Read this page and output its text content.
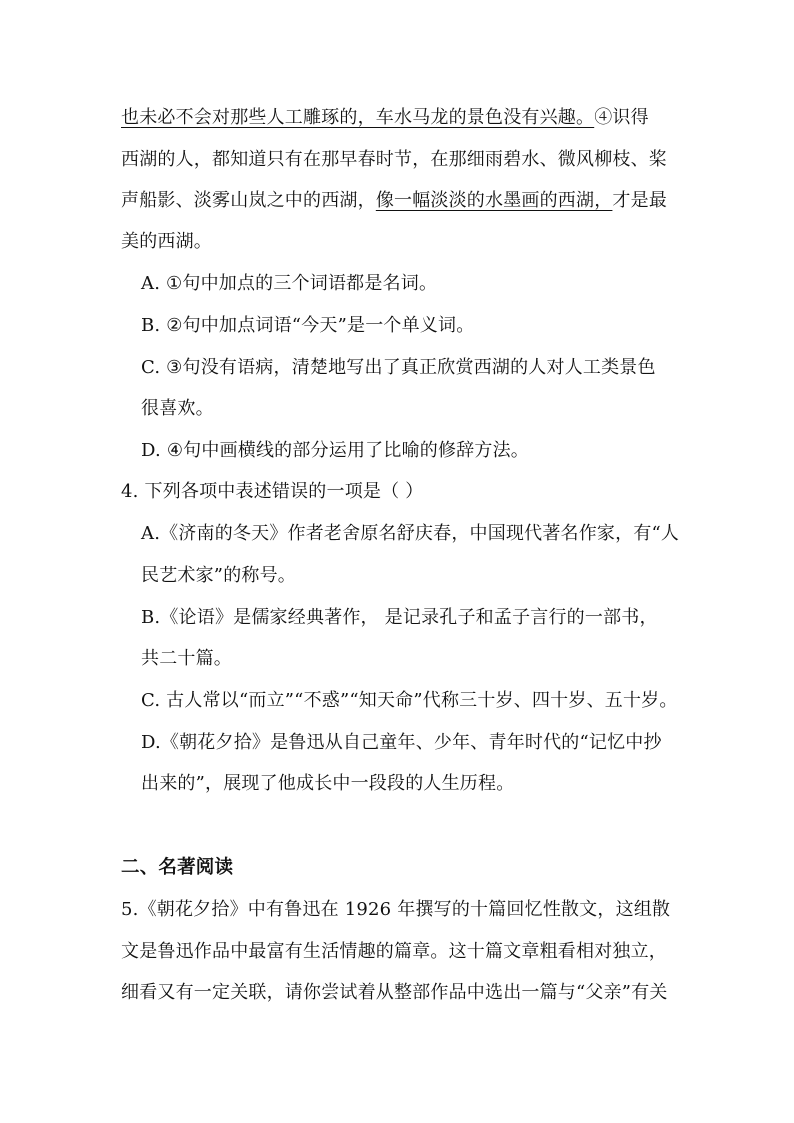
也未必不会对那些人工雕琢的，车水马龙的景色没有兴趣。④识得
西湖的人，都知道只有在那早春时节，在那细雨碧水、微风柳枝、桨
声船影、淡雾山岚之中的西湖，像一幅淡淡的水墨画的西湖，才是最
美的西湖。
A. ①句中加点的三个词语都是名词。
B. ②句中加点词语“今天”是一个单义词。
C. ③句没有语病，清楚地写出了真正欣赏西湖的人对人工类景色
很喜欢。
D. ④句中画横线的部分运用了比喻的修辞方法。
4. 下列各项中表述错误的一项是（ ）
A.《济南的冬天》作者老舍原名舒庆春，中国现代著名作家，有“人
民艺术家”的称号。
B.《论语》是儒家经典著作， 是记录孔子和孟子言行的一部书，
共二十篇。
C. 古人常以“而立”“不惑”“知天命”代称三十岁、四十岁、五十岁。
D.《朝花夕拾》是鲁迅从自己童年、少年、青年时代的“记忆中抄
出来的”，展现了他成长中一段段的人生历程。
二、名著阅读
5.《朝花夕拾》中有鲁迅在 1926 年撰写的十篇回忆性散文，这组散
文是鲁迅作品中最富有生活情趣的篇章。这十篇文章粗看相对独立，
细看又有一定关联，请你尝试着从整部作品中选出一篇与“父亲”有关
